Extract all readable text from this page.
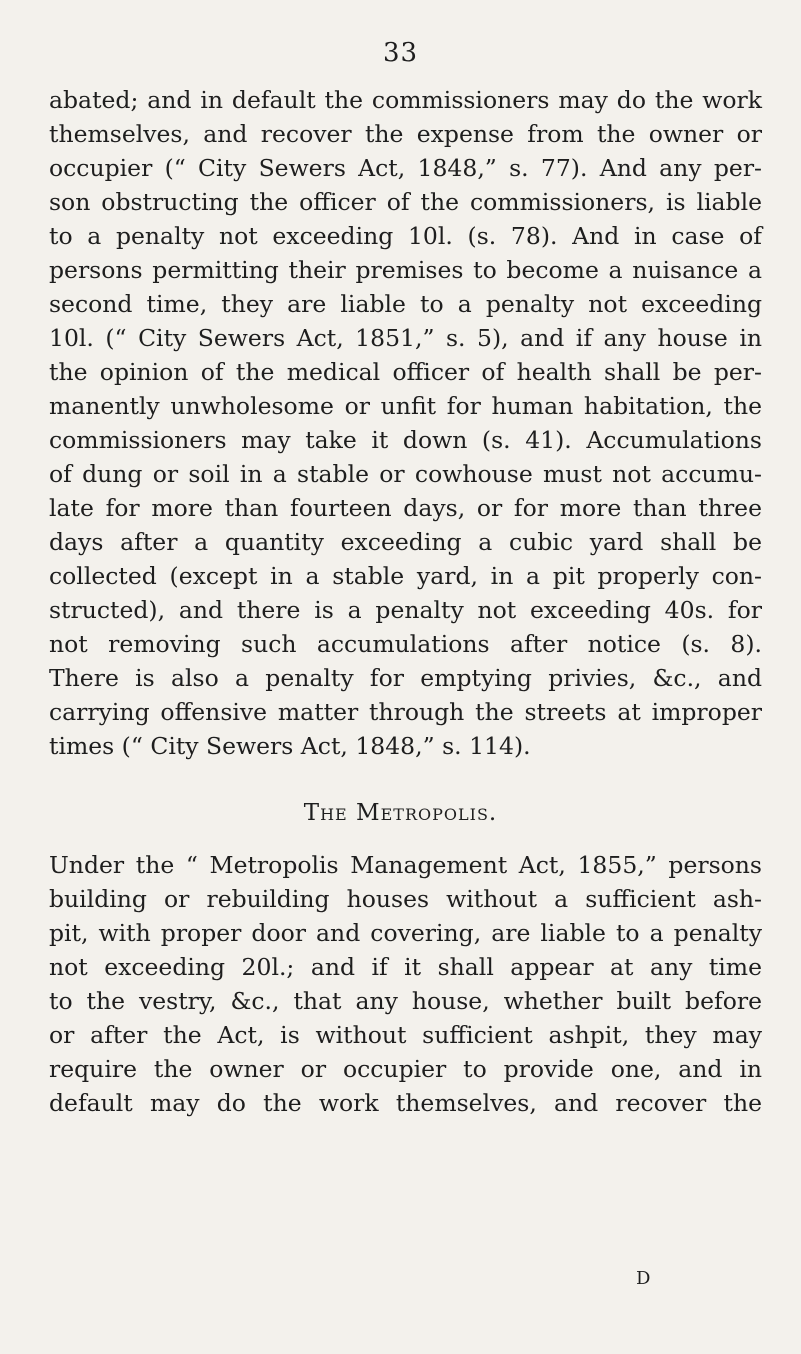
33
abated; and in default the commissioners may do the work
themselves, and recover the expense from the owner or
occupier (“ City Sewers Act, 1848,” s. 77). And any per-
son obstructing the officer of the commissioners, is liable
to a penalty not exceeding 10l. (s. 78). And in case of
persons permitting their premises to become a nuisance a
second time, they are liable to a penalty not exceeding
10l. (“ City Sewers Act, 1851,” s. 5), and if any house in
the opinion of the medical officer of health shall be per-
manently unwholesome or unfit for human habitation, the
commissioners may take it down (s. 41). Accumulations
of dung or soil in a stable or cowhouse must not accumu-
late for more than fourteen days, or for more than three
days after a quantity exceeding a cubic yard shall be
collected (except in a stable yard, in a pit properly con-
structed), and there is a penalty not exceeding 40s. for
not removing such accumulations after notice (s. 8).
There is also a penalty for emptying privies, &c., and
carrying offensive matter through the streets at improper
times (“ City Sewers Act, 1848,” s. 114).
The Metropolis.
Under the “ Metropolis Management Act, 1855,” persons
building or rebuilding houses without a sufficient ash-
pit, with proper door and covering, are liable to a penalty
not exceeding 20l.; and if it shall appear at any time
to the vestry, &c., that any house, whether built before
or after the Act, is without sufficient ashpit, they may
require the owner or occupier to provide one, and in
default may do the work themselves, and recover the
D
